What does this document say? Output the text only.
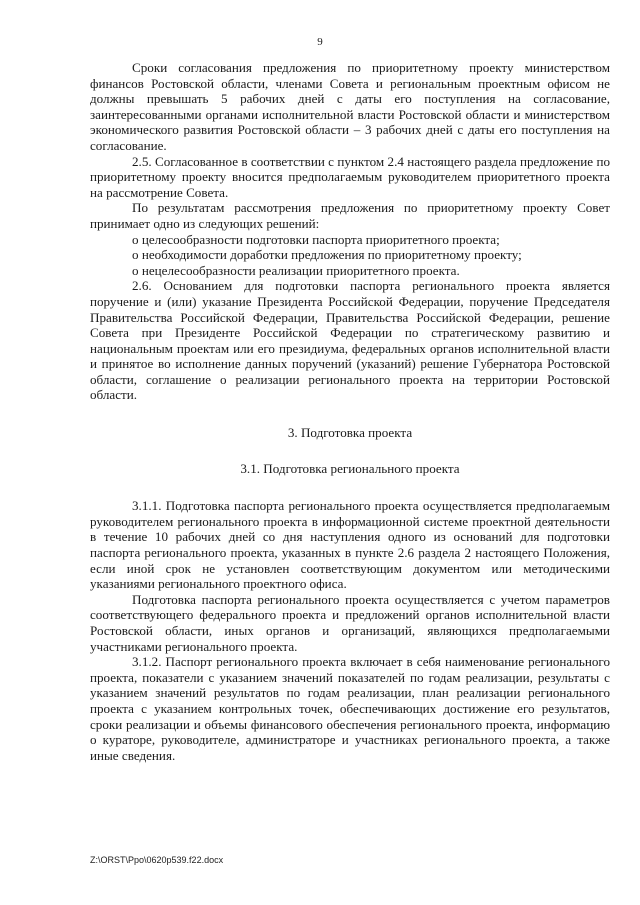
9

Сроки согласования предложения по приоритетному проекту министерством финансов Ростовской области, членами Совета и региональным проектным офисом не должны превышать 5 рабочих дней с даты его поступления на согласование, заинтересованными органами исполнительной власти Ростовской области и министерством экономического развития Ростовской области – 3 рабочих дней с даты его поступления на согласование.

2.5. Согласованное в соответствии с пунктом 2.4 настоящего раздела предложение по приоритетному проекту вносится предполагаемым руководителем приоритетного проекта на рассмотрение Совета.

По результатам рассмотрения предложения по приоритетному проекту Совет принимает одно из следующих решений:

о целесообразности подготовки паспорта приоритетного проекта;
о необходимости доработки предложения по приоритетному проекту;
о нецелесообразности реализации приоритетного проекта.

2.6. Основанием для подготовки паспорта регионального проекта является поручение и (или) указание Президента Российской Федерации, поручение Председателя Правительства Российской Федерации, Правительства Российской Федерации, решение Совета при Президенте Российской Федерации по стратегическому развитию и национальным проектам или его президиума, федеральных органов исполнительной власти и принятое во исполнение данных поручений (указаний) решение Губернатора Ростовской области, соглашение о реализации регионального проекта на территории Ростовской области.

3. Подготовка проекта

3.1. Подготовка регионального проекта

3.1.1. Подготовка паспорта регионального проекта осуществляется предполагаемым руководителем регионального проекта в информационной системе проектной деятельности в течение 10 рабочих дней со дня наступления одного из оснований для подготовки паспорта регионального проекта, указанных в пункте 2.6 раздела 2 настоящего Положения, если иной срок не установлен соответствующим документом или методическими указаниями регионального проектного офиса.

Подготовка паспорта регионального проекта осуществляется с учетом параметров соответствующего федерального проекта и предложений органов исполнительной власти Ростовской области, иных органов и организаций, являющихся предполагаемыми участниками регионального проекта.

3.1.2. Паспорт регионального проекта включает в себя наименование регионального проекта, показатели с указанием значений показателей по годам реализации, результаты с указанием значений результатов по годам реализации, план реализации регионального проекта с указанием контрольных точек, обеспечивающих достижение его результатов, сроки реализации и объемы финансового обеспечения регионального проекта, информацию о кураторе, руководителе, администраторе и участниках регионального проекта, а также иные сведения.

Z:\ORST\Ppo\0620p539.f22.docx
